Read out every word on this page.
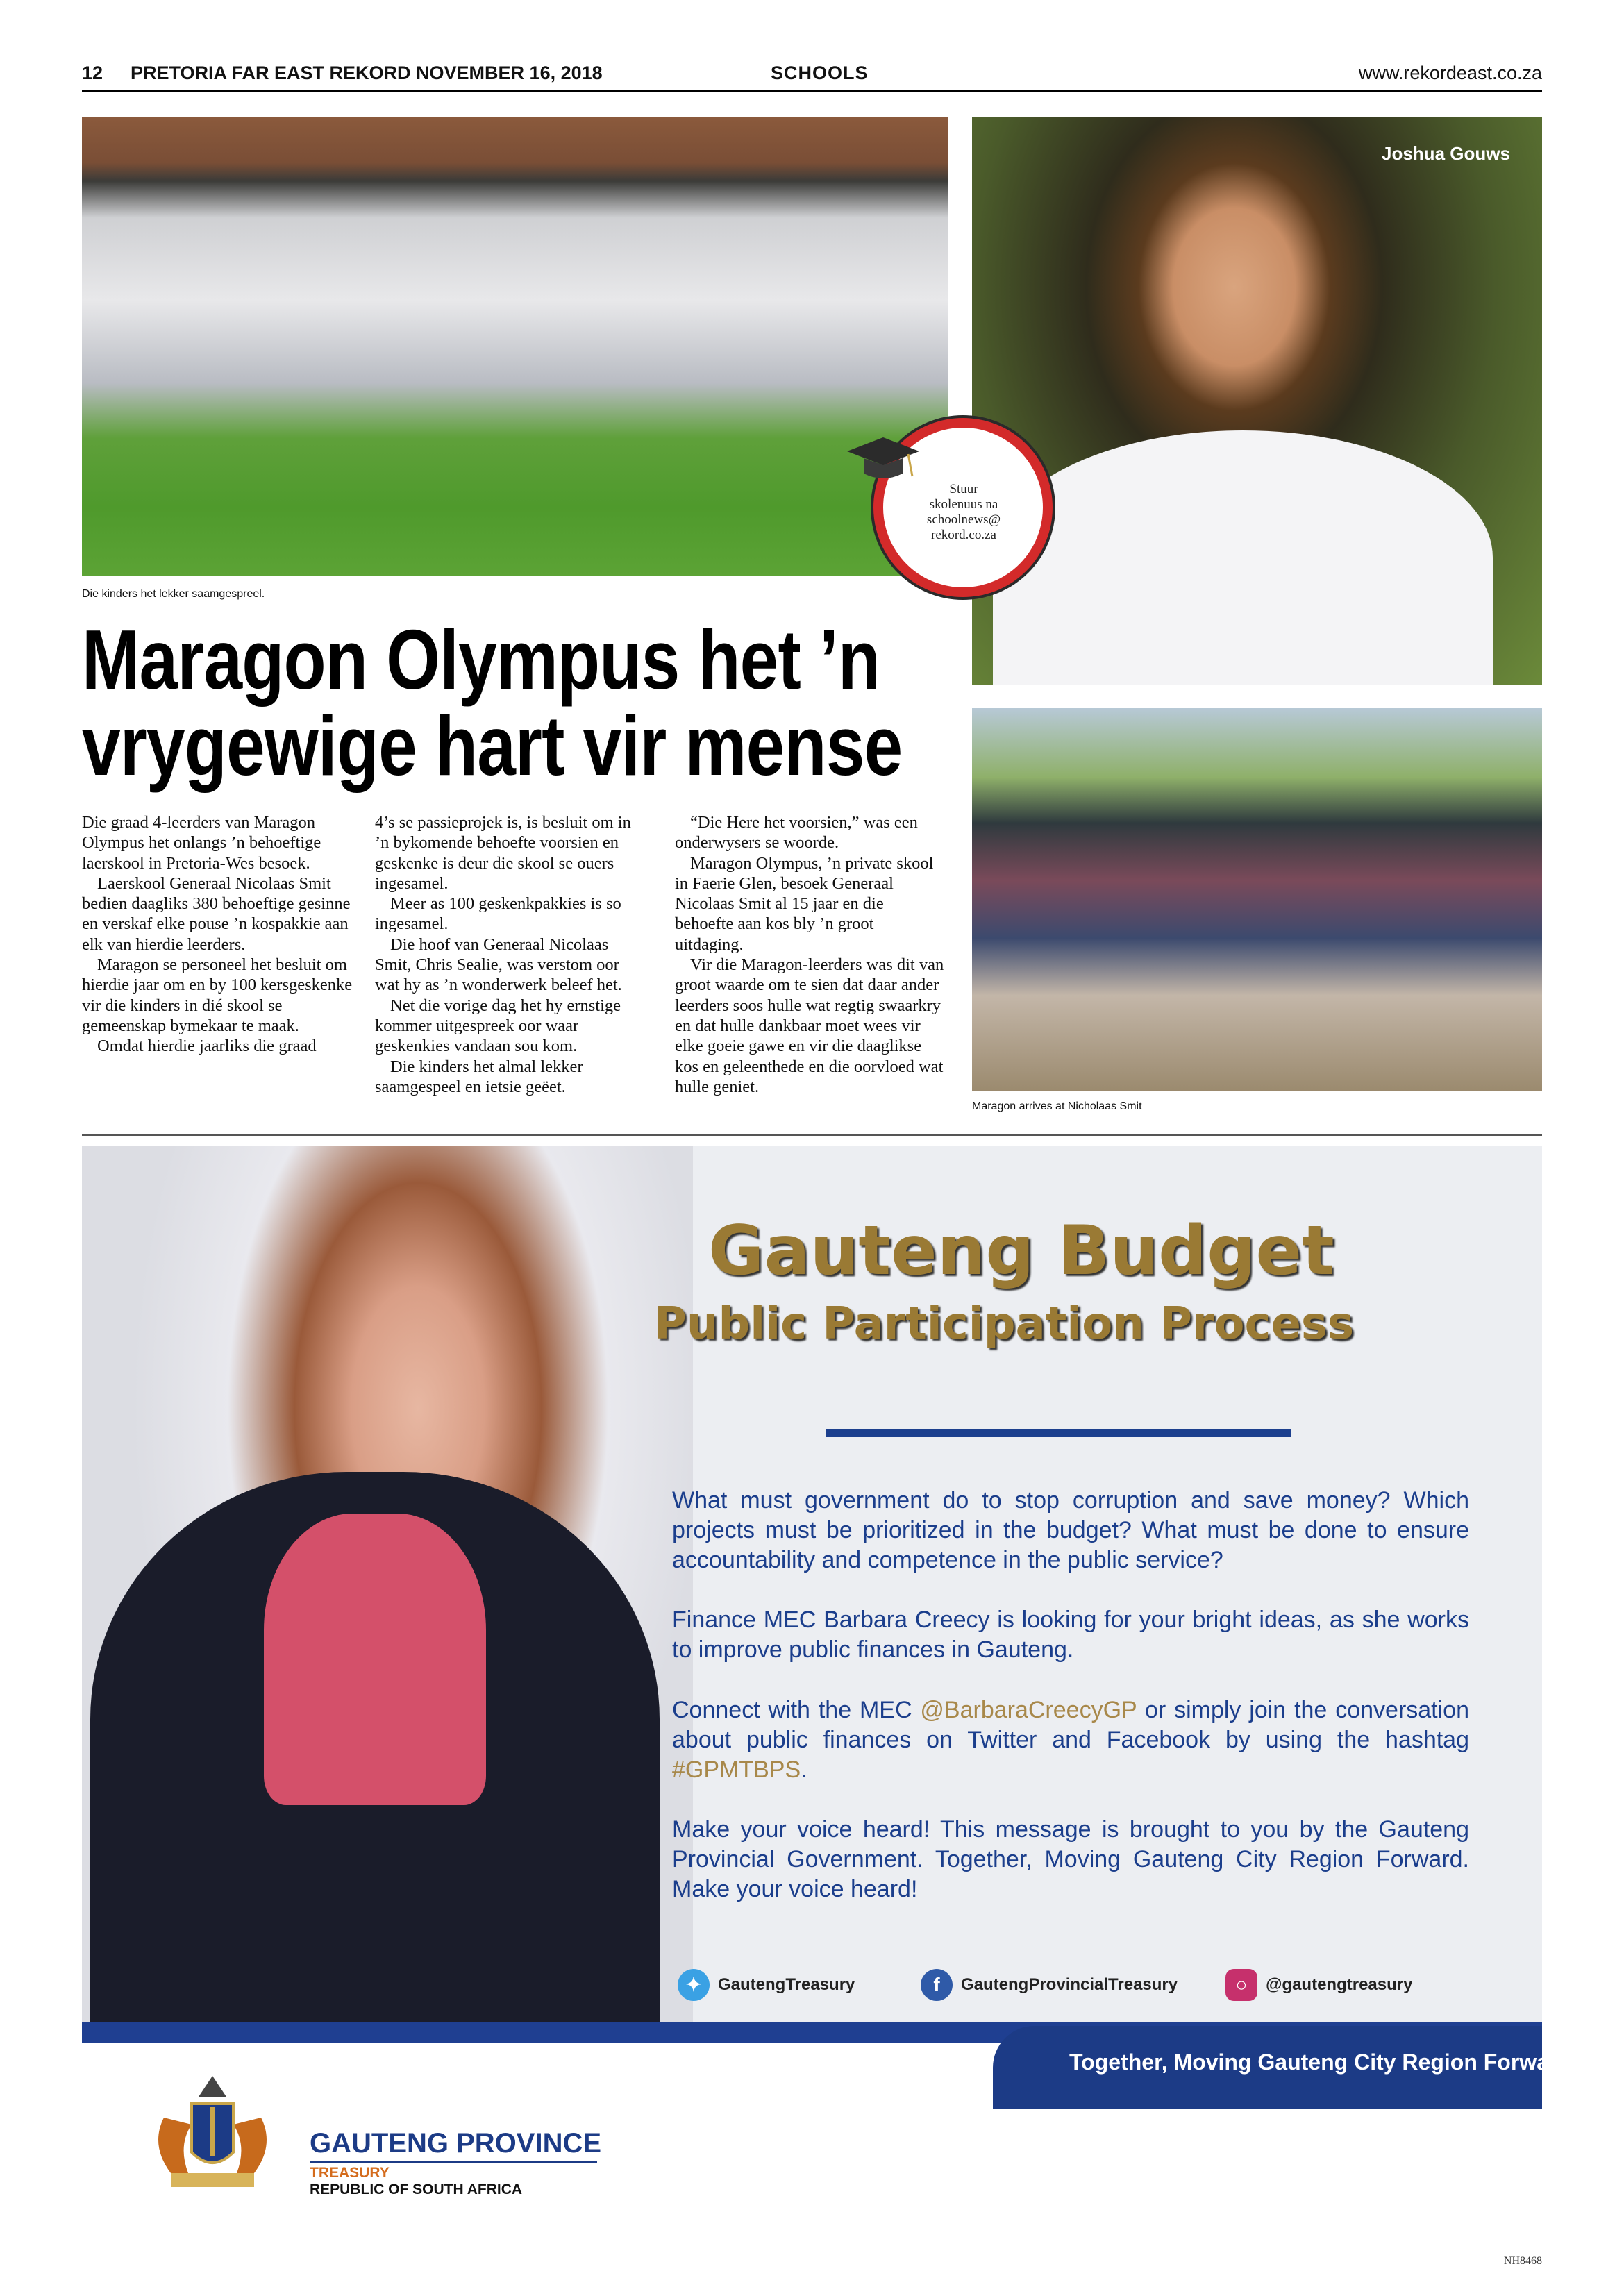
12 PRETORIA FAR EAST REKORD NOVEMBER 16, 2018	SCHOOLS	www.rekordeast.co.za
Die kinders het lekker saamgespreel.
Joshua Gouws
Maragon arrives at Nicholaas Smit
Stuur
skolenuus na
schoolnews@
rekord.co.za
Maragon Olympus het ’n
vrygewige hart vir mense

Die graad 4-leerders van Maragon Olympus het onlangs ’n behoeftige laerskool in Pretoria-Wes besoek.

Laerskool Generaal Nicolaas Smit bedien daagliks 380 behoeftige gesinne en verskaf elke pouse ’n kospakkie aan elk van hierdie leerders.

Maragon se personeel het besluit om hierdie jaar om en by 100 kersgeskenke vir die kinders in dié skool se gemeenskap bymekaar te maak.

Omdat hierdie jaarliks die graad

4’s se passieprojek is, is besluit om in ’n bykomende behoefte voorsien en geskenke is deur die skool se ouers ingesamel.

Meer as 100 geskenkpakkies is so ingesamel.

Die hoof van Generaal Nicolaas Smit, Chris Sealie, was verstom oor wat hy as ’n wonderwerk beleef het.

Net die vorige dag het hy ernstige kommer uitgespreek oor waar geskenkies vandaan sou kom.

Die kinders het almal lekker saamgespeel en ietsie geëet.

“Die Here het voorsien,” was een onderwysers se woorde.

Maragon Olympus, ’n private skool in Faerie Glen, besoek Generaal Nicolaas Smit al 15 jaar en die behoefte aan kos bly ’n groot uitdaging.

Vir die Maragon-leerders was dit van groot waarde om te sien dat daar ander leerders soos hulle wat regtig swaarkry en dat hulle dankbaar moet wees vir elke goeie gawe en vir die daaglikse kos en geleenthede en die oorvloed wat hulle geniet.

Gauteng Budget
Public Participation Process
What must government do to stop corruption and save money? Which projects must be prioritized in the budget? What must be done to ensure accountability and competence in the public service?
Finance MEC Barbara Creecy is looking for your bright ideas, as she works to improve public finances in Gauteng.
Connect with the MEC @BarbaraCreecyGP or simply join the conversation about public finances on Twitter and Facebook by using the hashtag #GPMTBPS.
Make your voice heard! This message is brought to you by the Gauteng Provincial Government. Together, Moving Gauteng City Region Forward. Make your voice heard!
✦ GautengTreasury	f	GautengProvincialTreasury	○	@gautengtreasury
Together, Moving Gauteng City Region Forward
GAUTENG PROVINCE
TREASURY
REPUBLIC OF SOUTH AFRICA
NH8468
